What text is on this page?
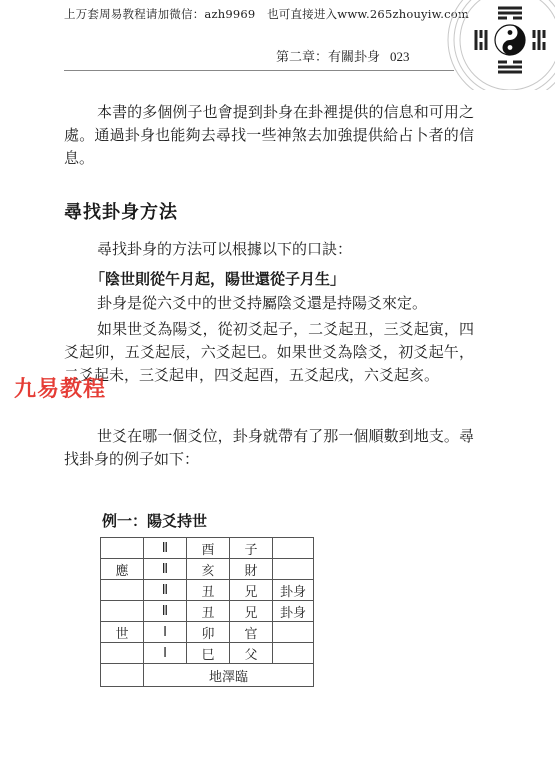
上万套周易教程请加微信：azh9969　也可直接进入www.265zhouyiw.com
第二章：有關卦身 023

本書的多個例子也會提到卦身在卦裡提供的信息和可用之處。通過卦身也能夠去尋找一些神煞去加強提供給占卜者的信息。

尋找卦身方法

尋找卦身的方法可以根據以下的口訣：

「陰世則從午月起，陽世還從子月生」

卦身是從六爻中的世爻持屬陰爻還是持陽爻來定。

如果世爻為陽爻，從初爻起子，二爻起丑，三爻起寅，四爻起卯，五爻起辰，六爻起巳。如果世爻為陰爻，初爻起午，二爻起未，三爻起申，四爻起酉，五爻起戌，六爻起亥。

世爻在哪一個爻位，卦身就帶有了那一個順數到地支。尋找卦身的例子如下：

九易教程
例一：陽爻持世
	Ⅱ	酉	子	
應	Ⅱ	亥	財	
	Ⅱ	丑	兄	卦身
	Ⅱ	丑	兄	卦身
世	Ⅰ	卯	官	
	Ⅰ	巳	父	
	地澤臨			
